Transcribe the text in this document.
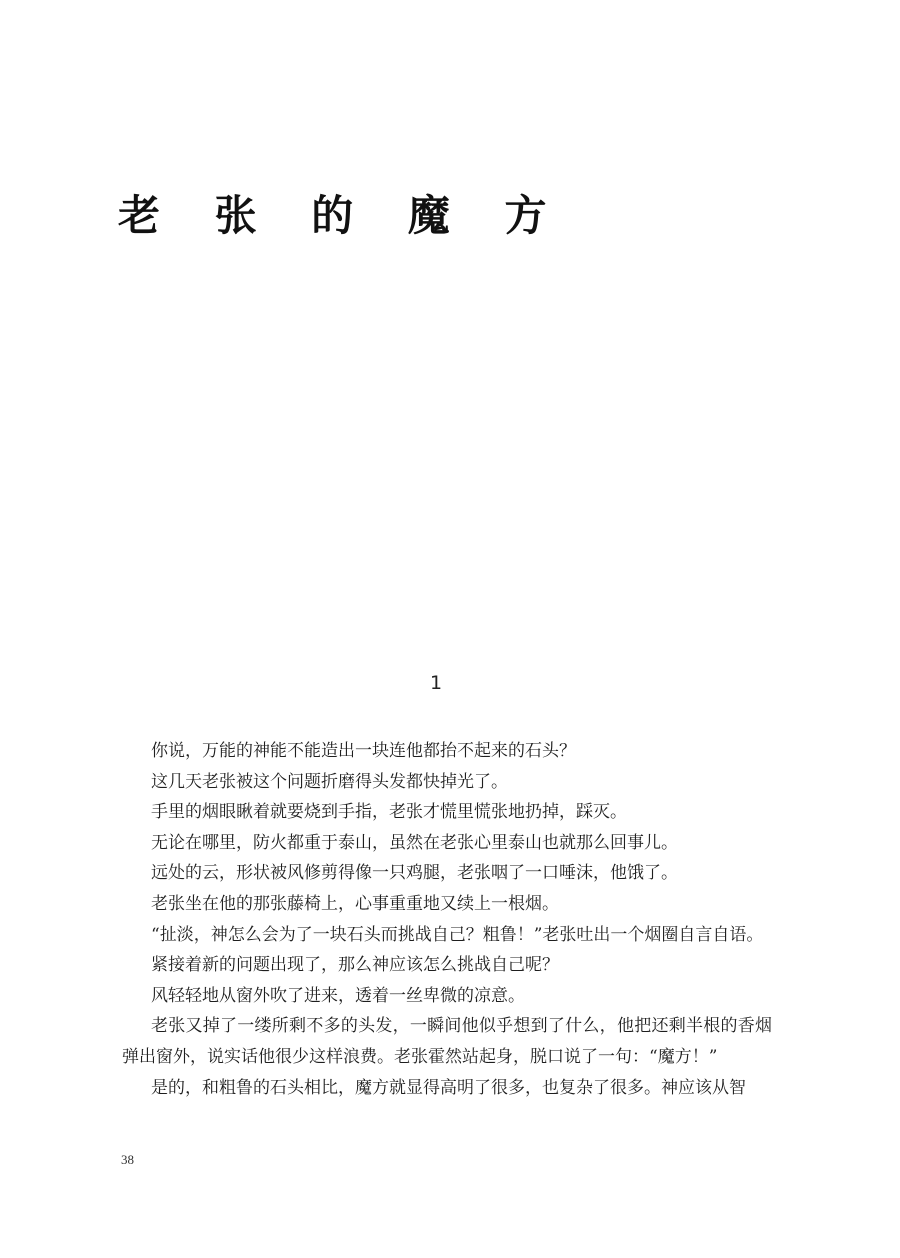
老 张 的 魔 方
1

你说，万能的神能不能造出一块连他都抬不起来的石头？

这几天老张被这个问题折磨得头发都快掉光了。

手里的烟眼瞅着就要烧到手指，老张才慌里慌张地扔掉，踩灭。

无论在哪里，防火都重于泰山，虽然在老张心里泰山也就那么回事儿。

远处的云，形状被风修剪得像一只鸡腿，老张咽了一口唾沫，他饿了。

老张坐在他的那张藤椅上，心事重重地又续上一根烟。

“扯淡，神怎么会为了一块石头而挑战自己？粗鲁！”老张吐出一个烟圈自言自语。

紧接着新的问题出现了，那么神应该怎么挑战自己呢？

风轻轻地从窗外吹了进来，透着一丝卑微的凉意。

老张又掉了一缕所剩不多的头发，一瞬间他似乎想到了什么，他把还剩半根的香烟弹出窗外，说实话他很少这样浪费。老张霍然站起身，脱口说了一句：“魔方！”

是的，和粗鲁的石头相比，魔方就显得高明了很多，也复杂了很多。神应该从智

38
